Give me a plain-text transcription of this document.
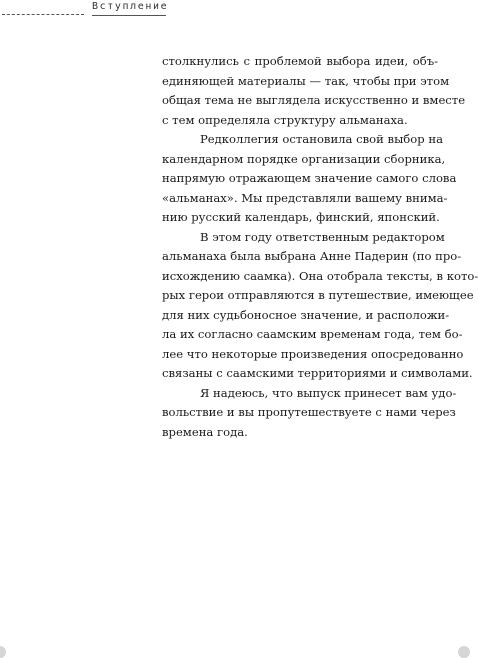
Вступление

столкнулись с проблемой выбора идеи, объ-
единяющей материалы — так, чтобы при этом
общая тема не выглядела искусственно и вместе
с тем определяла структуру альманаха.

Редколлегия остановила свой выбор на
календарном порядке организации сборника,
напрямую отражающем значение самого слова
«альманах». Мы представляли вашему внима-
нию русский календарь, финский, японский.

В этом году ответственным редактором
альманаха была выбрана Анне Падерин (по про-
исхождению саамка). Она отобрала тексты, в кото-
рых герои отправляются в путешествие, имеющее
для них судьбоносное значение, и расположи-
ла их согласно саамским временам года, тем бо-
лее что некоторые произведения опосредованно
связаны с саамскими территориями и символами.

Я надеюсь, что выпуск принесет вам удо-
вольствие и вы пропутешествуете с нами через
времена года.
